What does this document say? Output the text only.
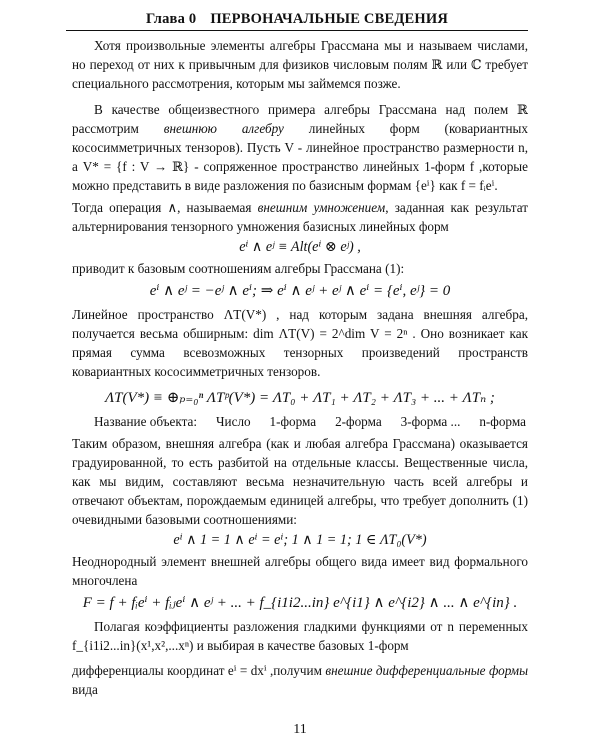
Глава 0 ПЕРВОНАЧАЛЬНЫЕ СВЕДЕНИЯ

Хотя произвольные элементы алгебры Грассмана мы и называем числами, но переход от них к привычным для физиков числовым полям ℝ или ℂ требует специального рассмотрения, которым мы займемся позже.

В качестве общеизвестного примера алгебры Грассмана над полем ℝ рассмотрим внешнюю алгебру линейных форм (ковариантных кососимметричных тензоров). Пусть V - линейное пространство размерности n, а V* = {f : V → ℝ} - сопряженное пространство линейных 1-форм f ,которые можно представить в виде разложения по базисным формам {eⁱ} как f = fᵢeⁱ.

Тогда операция ∧, называемая внешним умножением, заданная как результат альтернирования тензорного умножения базисных линейных форм

eⁱ ∧ eʲ ≡ Alt(eⁱ ⊗ eʲ) ,

приводит к базовым соотношениям алгебры Грассмана (1):

eⁱ ∧ eʲ = −eʲ ∧ eⁱ; ⇒ eⁱ ∧ eʲ + eʲ ∧ eⁱ = {eⁱ, eʲ} = 0

Линейное пространство ΛT(V*) , над которым задана внешняя алгебра, получается весьма обширным: dim ΛT(V) = 2^dim V = 2ⁿ . Оно возникает как прямая сумма всевозможных тензорных произведений пространств ковариантных кососимметричных тензоров.

ΛT(V*) ≡ ⊕ₚ₌₀ⁿ ΛTᵖ(V*) = ΛT₀ + ΛT₁ + ΛT₂ + ΛT₃ + ... + ΛTₙ ;
Название объекта: Число 1-форма 2-форма 3-форма ... n-форма

Таким образом, внешняя алгебра (как и любая алгебра Грассмана) оказывается градуированной, то есть разбитой на отдельные классы. Вещественные числа, как мы видим, составляют весьма незначительную часть всей алгебры и отвечают объектам, порождаемым единицей алгебры, что требует дополнить (1) очевидными базовыми соотношениями:

eⁱ ∧ 1 = 1 ∧ eⁱ = eⁱ; 1 ∧ 1 = 1; 1 ∈ ΛT₀(V*)

Неоднородный элемент внешней алгебры общего вида имеет вид формального многочлена

F = f + fᵢeⁱ + fᵢⱼeⁱ ∧ eʲ + ... + f_{i1i2...in} e^{i1} ∧ e^{i2} ∧ ... ∧ e^{in} .

Полагая коэффициенты разложения гладкими функциями от n переменных f_{i1i2...in}(x¹,x²,...xⁿ) и выбирая в качестве базовых 1-форм

дифференциалы координат eⁱ = dxⁱ ,получим внешние дифференциальные формы вида

11
